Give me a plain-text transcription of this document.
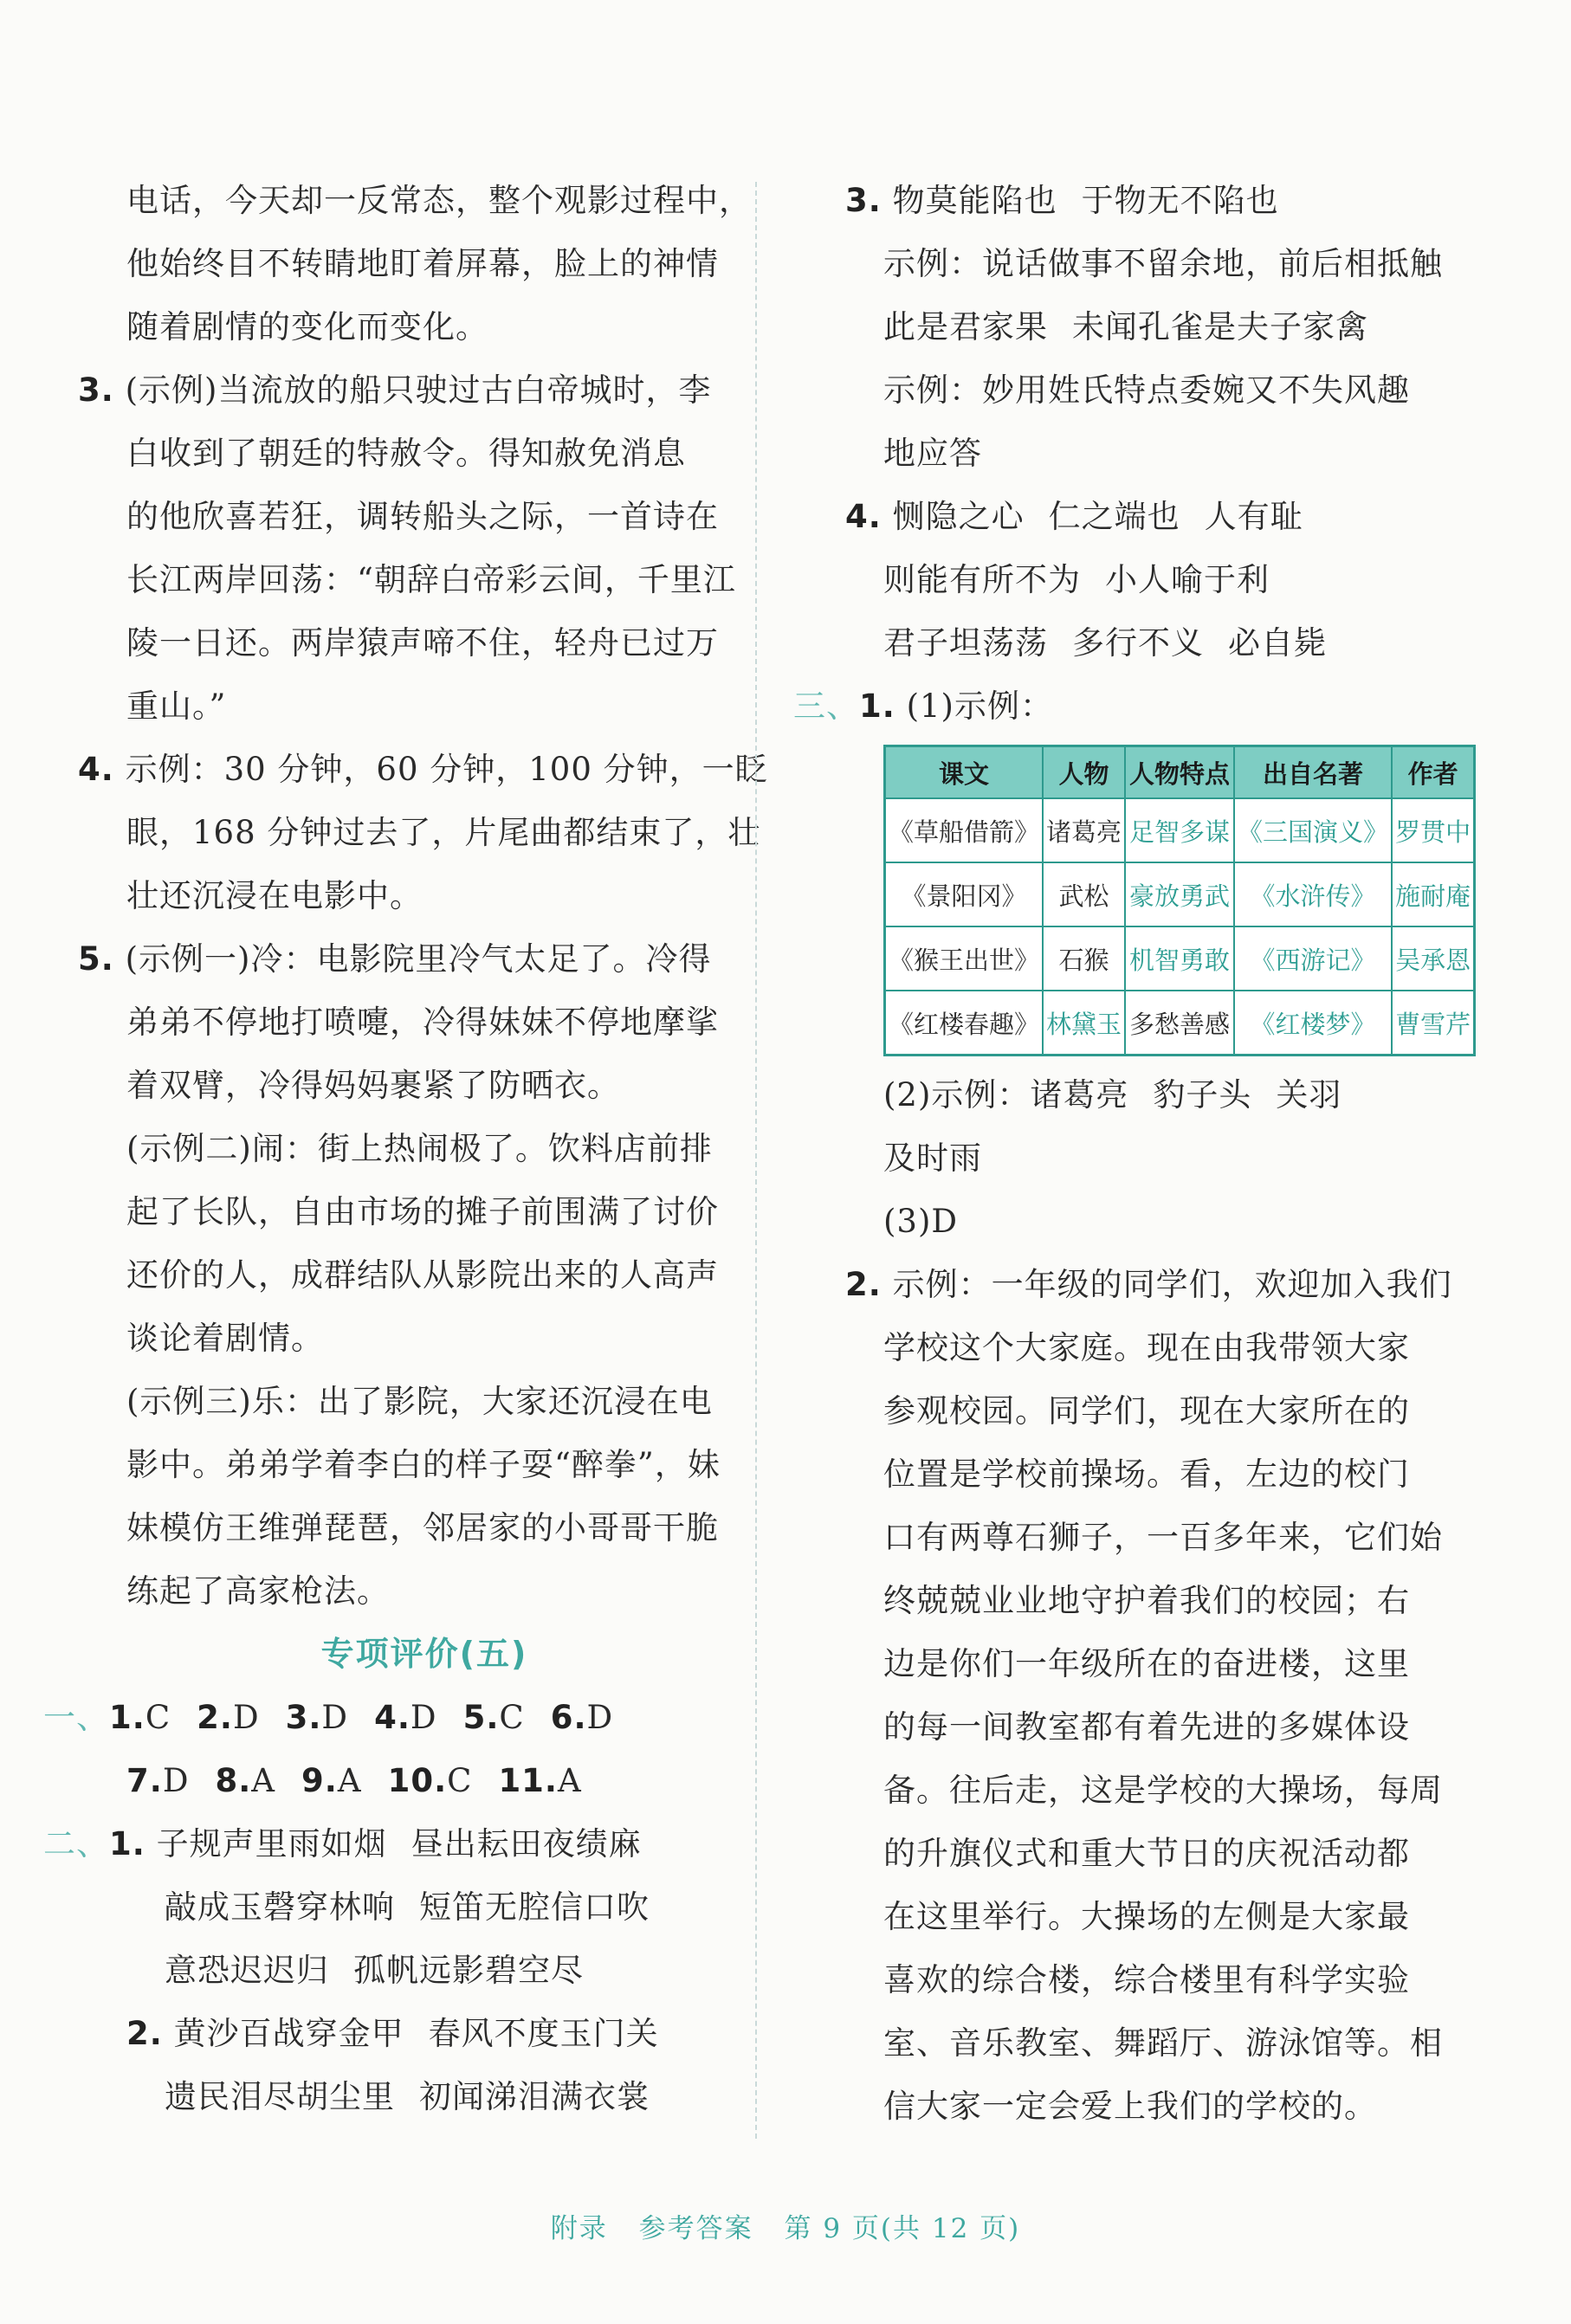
电话，今天却一反常态，整个观影过程中，
他始终目不转睛地盯着屏幕，脸上的神情
随着剧情的变化而变化。
3. (示例)当流放的船只驶过古白帝城时，李
白收到了朝廷的特赦令。得知赦免消息
的他欣喜若狂，调转船头之际，一首诗在
长江两岸回荡：“朝辞白帝彩云间，千里江
陵一日还。两岸猿声啼不住，轻舟已过万
重山。”
4. 示例：30 分钟，60 分钟，100 分钟，一眨
眼，168 分钟过去了，片尾曲都结束了，壮
壮还沉浸在电影中。
5. (示例一)冷：电影院里冷气太足了。冷得
弟弟不停地打喷嚏，冷得妹妹不停地摩挲
着双臂，冷得妈妈裹紧了防晒衣。
(示例二)闹：街上热闹极了。饮料店前排
起了长队，自由市场的摊子前围满了讨价
还价的人，成群结队从影院出来的人高声
谈论着剧情。
(示例三)乐：出了影院，大家还沉浸在电
影中。弟弟学着李白的样子耍“醉拳”，妹
妹模仿王维弹琵琶，邻居家的小哥哥干脆
练起了高家枪法。
专项评价(五)
一、1.C 2.D 3.D 4.D 5.C 6.D
7.D 8.A 9.A 10.C 11.A
二、1. 子规声里雨如烟 昼出耘田夜绩麻
敲成玉磬穿林响 短笛无腔信口吹
意恐迟迟归 孤帆远影碧空尽
2. 黄沙百战穿金甲 春风不度玉门关
遗民泪尽胡尘里 初闻涕泪满衣裳
3. 物莫能陷也 于物无不陷也
示例：说话做事不留余地，前后相抵触
此是君家果 未闻孔雀是夫子家禽
示例：妙用姓氏特点委婉又不失风趣
地应答
4. 恻隐之心 仁之端也 人有耻
则能有所不为 小人喻于利
君子坦荡荡 多行不义 必自毙
三、1. (1)示例：
课文	人物	人物特点	出自名著	作者
《草船借箭》	诸葛亮	足智多谋	《三国演义》	罗贯中
《景阳冈》	武松	豪放勇武	《水浒传》	施耐庵
《猴王出世》	石猴	机智勇敢	《西游记》	吴承恩
《红楼春趣》	林黛玉	多愁善感	《红楼梦》	曹雪芹
(2)示例：诸葛亮 豹子头 关羽
及时雨
(3)D
2. 示例：一年级的同学们，欢迎加入我们
学校这个大家庭。现在由我带领大家
参观校园。同学们，现在大家所在的
位置是学校前操场。看，左边的校门
口有两尊石狮子，一百多年来，它们始
终兢兢业业地守护着我们的校园；右
边是你们一年级所在的奋进楼，这里
的每一间教室都有着先进的多媒体设
备。往后走，这是学校的大操场，每周
的升旗仪式和重大节日的庆祝活动都
在这里举行。大操场的左侧是大家最
喜欢的综合楼，综合楼里有科学实验
室、音乐教室、舞蹈厅、游泳馆等。相
信大家一定会爱上我们的学校的。
附录 参考答案 第 9 页(共 12 页)
